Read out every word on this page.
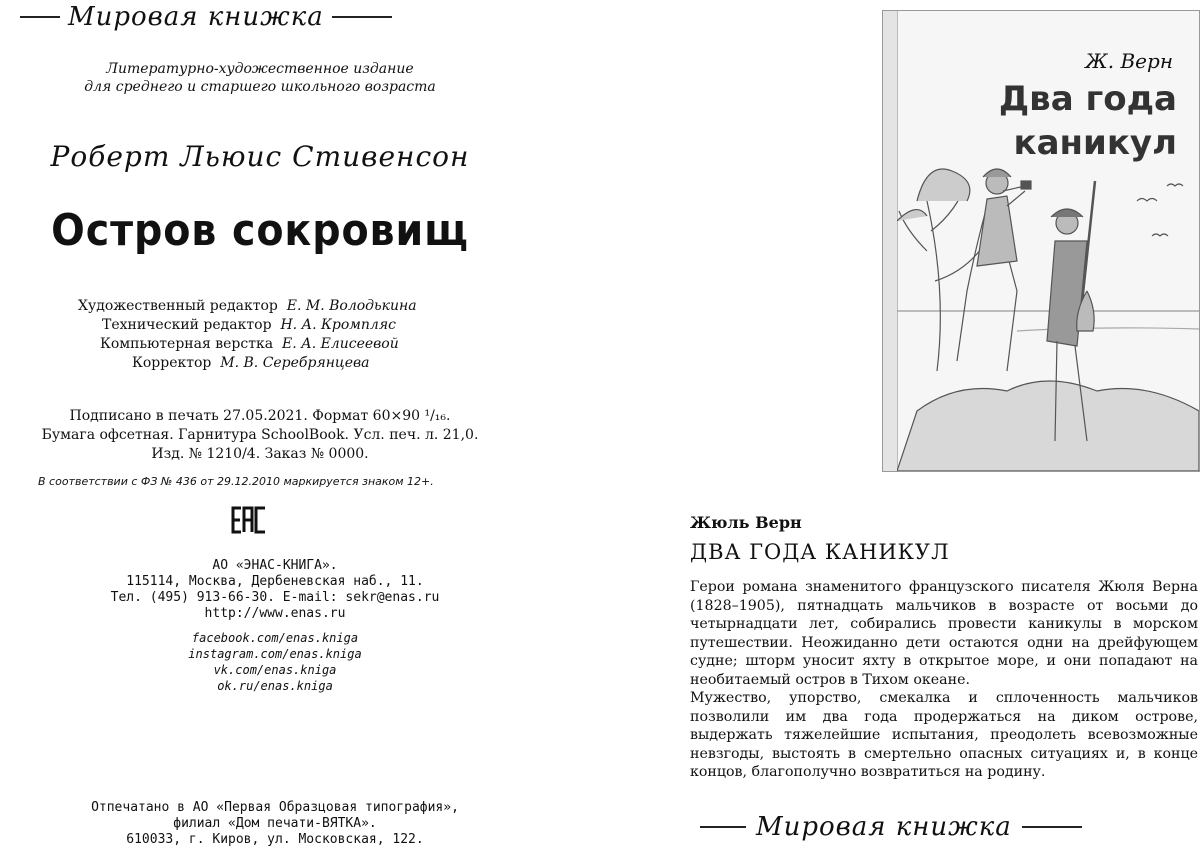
Мировая книжка
Литературно-художественное издание
для среднего и старшего школьного возраста
Роберт Льюис Стивенсон
Остров сокровищ
Художественный редактор Е. М. Володькина
Технический редактор Н. А. Кромпляс
Компьютерная верстка Е. А. Елисеевой
Корректор М. В. Серебрянцева
Подписано в печать 27.05.2021. Формат 60×90 ¹/₁₆.
Бумага офсетная. Гарнитура SchoolBook. Усл. печ. л. 21,0.
Изд. № 1210/4. Заказ № 0000.
В соответствии с ФЗ № 436 от 29.12.2010 маркируется знаком 12+.
АО «ЭНАС-КНИГА».
115114, Москва, Дербеневская наб., 11.
Тел. (495) 913-66-30. E-mail: sekr@enas.ru
http://www.enas.ru
facebook.com/enas.kniga
instagram.com/enas.kniga
vk.com/enas.kniga
ok.ru/enas.kniga
Отпечатано в АО «Первая Образцовая типография»,
филиал «Дом печати-ВЯТКА».
610033, г. Киров, ул. Московская, 122.
Ж. Верн
Два года
каникул
Жюль Верн
ДВА ГОДА КАНИКУЛ

Герои романа знаменитого французского писателя Жюля Верна (1828–1905), пятнадцать мальчиков в возрасте от восьми до четырнадцати лет, собирались провести каникулы в морском путешествии. Неожиданно дети остаются одни на дрейфующем судне; шторм уносит яхту в открытое море, и они попадают на необитаемый остров в Тихом океане.

Мужество, упорство, смекалка и сплоченность мальчиков позволили им два года продержаться на диком острове, выдержать тяжелейшие испытания, преодолеть всевозможные невзгоды, выстоять в смертельно опасных ситуациях и, в конце концов, благополучно возвратиться на родину.

Мировая книжка
